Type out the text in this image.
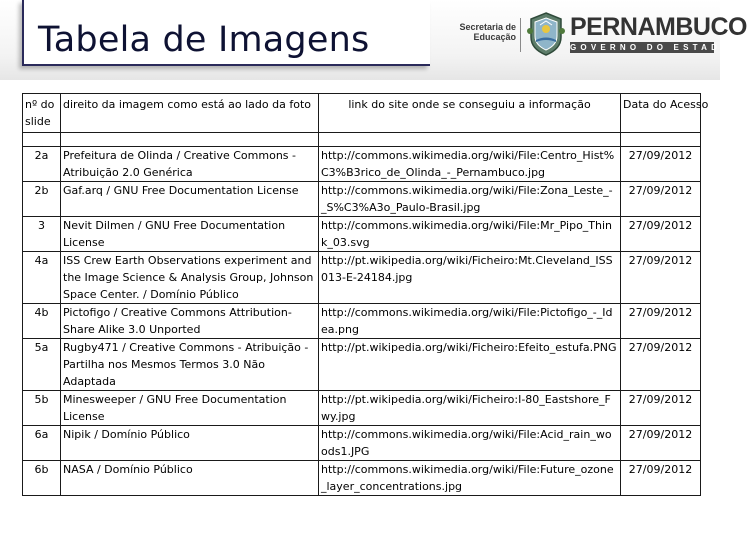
Tabela de Imagens	Secretaria de
Educação PERNAMBUCO
GOVERNO DO ESTADO
nº do slide	direito da imagem como está ao lado da foto	link do site onde se conseguiu a informação	Data do Acesso

2a	Prefeitura de Olinda / Creative Commons - Atribuição 2.0 Genérica	http://commons.wikimedia.org/wiki/File:Centro_Hist%C3%B3rico_de_Olinda_-_Pernambuco.jpg	27/09/2012
2b	Gaf.arq / GNU Free Documentation License	http://commons.wikimedia.org/wiki/File:Zona_Leste_-_S%C3%A3o_Paulo-Brasil.jpg	27/09/2012
3	Nevit Dilmen / GNU Free Documentation License	http://commons.wikimedia.org/wiki/File:Mr_Pipo_Think_03.svg	27/09/2012
4a	ISS Crew Earth Observations experiment and the Image Science & Analysis Group, Johnson Space Center. / Domínio Público	http://pt.wikipedia.org/wiki/Ficheiro:Mt.Cleveland_ISS013-E-24184.jpg	27/09/2012
4b	Pictofigo / Creative Commons Attribution-Share Alike 3.0 Unported	http://commons.wikimedia.org/wiki/File:Pictofigo_-_Idea.png	27/09/2012
5a	Rugby471 / Creative Commons - Atribuição - Partilha nos Mesmos Termos 3.0 Não Adaptada	http://pt.wikipedia.org/wiki/Ficheiro:Efeito_estufa.PNG	27/09/2012
5b	Minesweeper / GNU Free Documentation License	http://pt.wikipedia.org/wiki/Ficheiro:I-80_Eastshore_Fwy.jpg	27/09/2012
6a	Nipik / Domínio Público	http://commons.wikimedia.org/wiki/File:Acid_rain_woods1.JPG	27/09/2012
6b	NASA / Domínio Público	http://commons.wikimedia.org/wiki/File:Future_ozone_layer_concentrations.jpg	27/09/2012
